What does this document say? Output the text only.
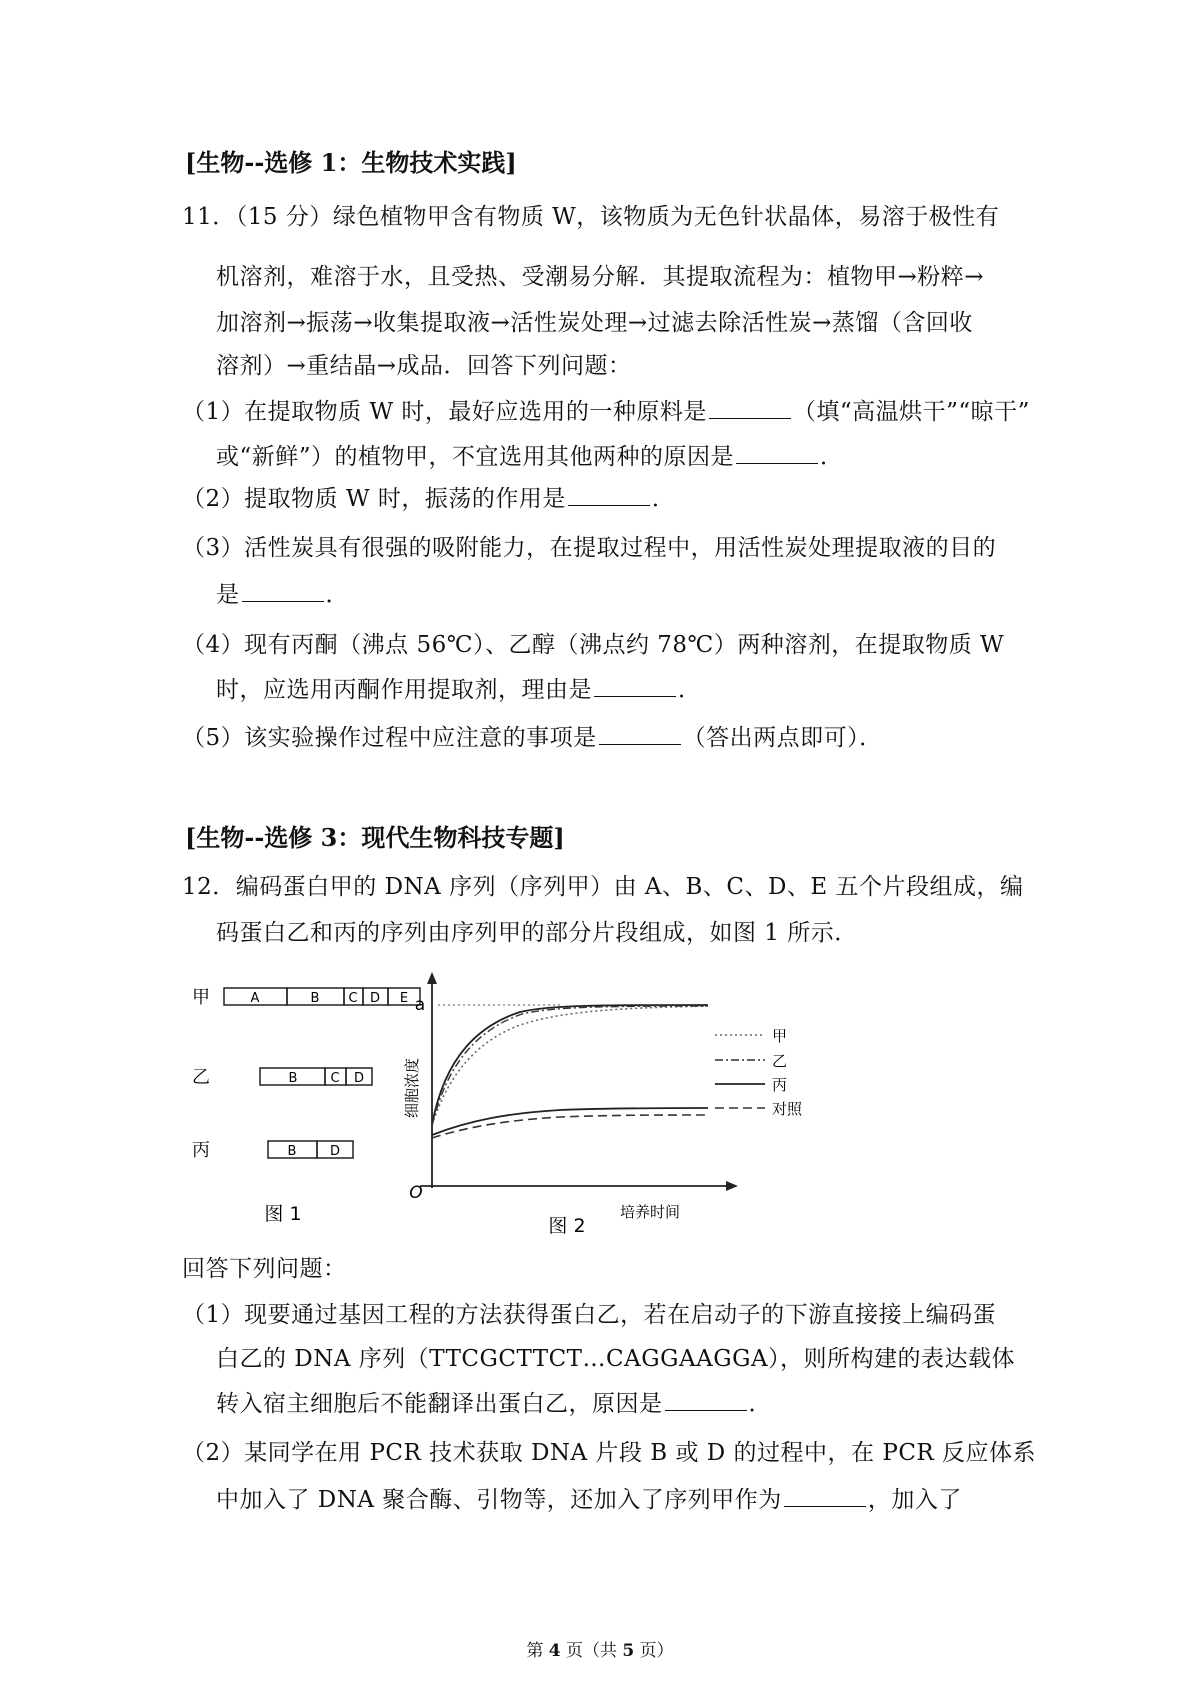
[生物--选修 1：生物技术实践]
11．（15 分）绿色植物甲含有物质 W，该物质为无色针状晶体，易溶于极性有
机溶剂，难溶于水，且受热、受潮易分解．其提取流程为：植物甲→粉粹→
加溶剂→振荡→收集提取液→活性炭处理→过滤去除活性炭→蒸馏（含回收
溶剂）→重结晶→成品．回答下列问题：
（1）在提取物质 W 时，最好应选用的一种原料是	（填“高温烘干”“晾干”
或“新鲜”）的植物甲，不宜选用其他两种的原因是	．
（2）提取物质 W 时，振荡的作用是	．
（3）活性炭具有很强的吸附能力，在提取过程中，用活性炭处理提取液的目的
是	．
（4）现有丙酮（沸点 56℃）、乙醇（沸点约 78℃）两种溶剂，在提取物质 W
时，应选用丙酮作用提取剂，理由是	．
（5）该实验操作过程中应注意的事项是	（答出两点即可）．
[生物--选修 3：现代生物科技专题]
12．编码蛋白甲的 DNA 序列（序列甲）由 A、B、C、D、E 五个片段组成，编
码蛋白乙和丙的序列由序列甲的部分片段组成，如图 1 所示．
甲	A	B C D E
乙	B	C D
丙	B	D
图 1
O
a
细胞浓度
培养时间
甲
乙
丙
对照
图 2
回答下列问题：
（1）现要通过基因工程的方法获得蛋白乙，若在启动子的下游直接接上编码蛋
白乙的 DNA 序列（TTCGCTTCT…CAGGAAGGA），则所构建的表达载体
转入宿主细胞后不能翻译出蛋白乙，原因是	．
（2）某同学在用 PCR 技术获取 DNA 片段 B 或 D 的过程中，在 PCR 反应体系
中加入了 DNA 聚合酶、引物等，还加入了序列甲作为	，加入了
第 4 页（共 5 页）
